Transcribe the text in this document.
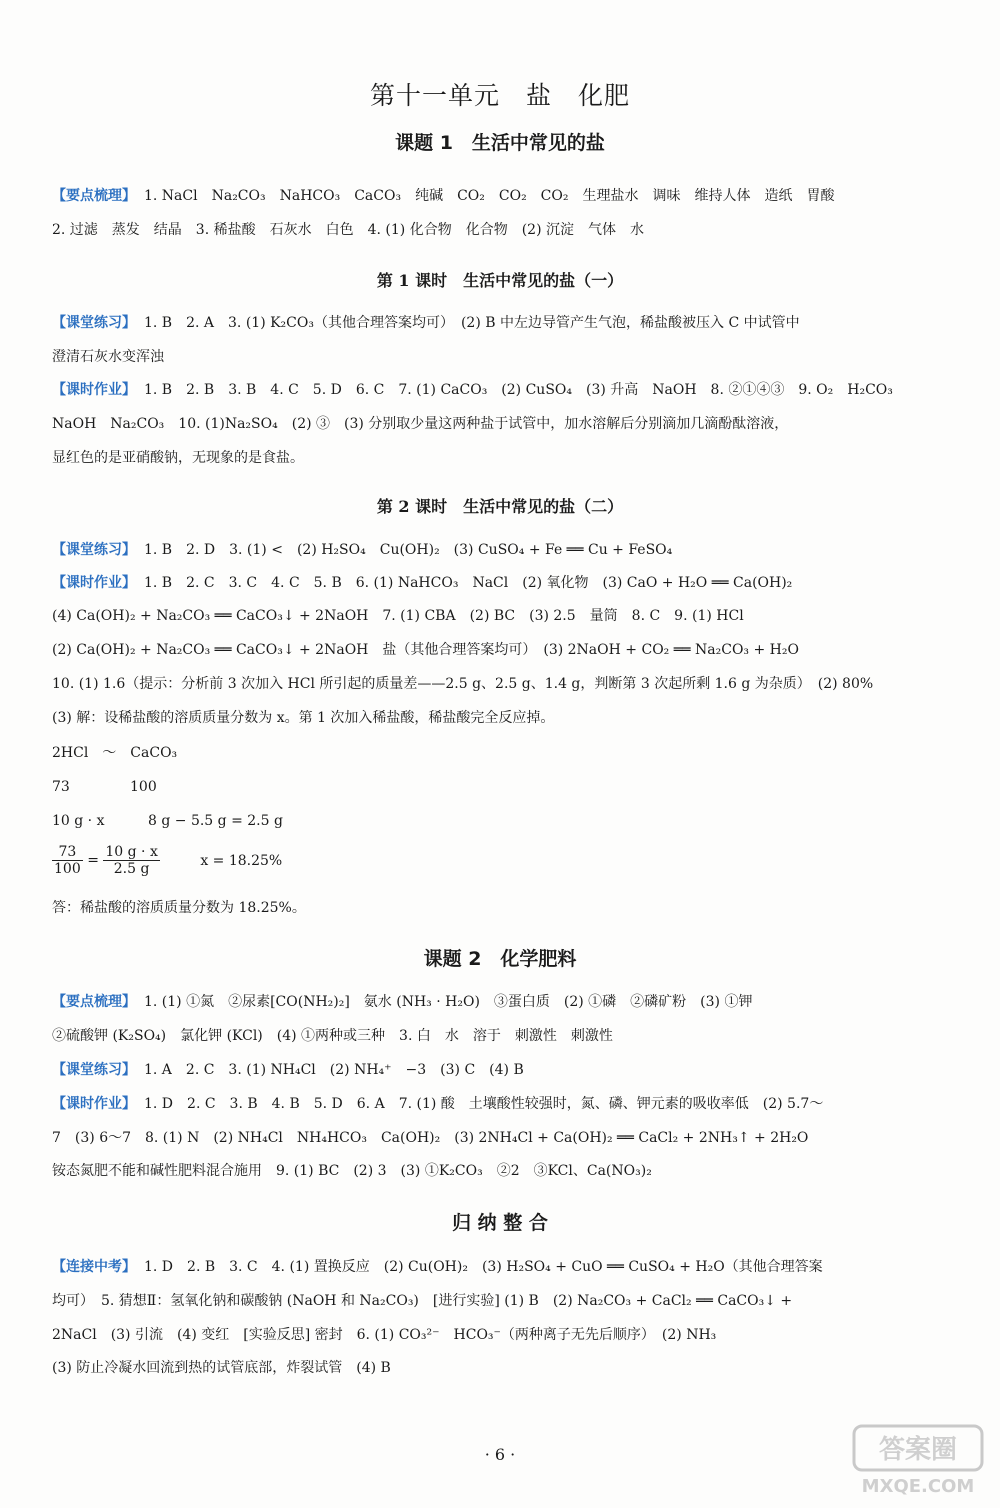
第十一单元　盐　化肥
课题 1　生活中常见的盐
【要点梳理】 1. NaCl　Na₂CO₃　NaHCO₃　CaCO₃　纯碱　CO₂　CO₂　CO₂　生理盐水　调味　维持人体　造纸　胃酸
2. 过滤　蒸发　结晶　3. 稀盐酸　石灰水　白色　4. (1) 化合物　化合物　(2) 沉淀　气体　水
第 1 课时　生活中常见的盐（一）
【课堂练习】 1. B　2. A　3. (1) K₂CO₃（其他合理答案均可）　(2) B 中左边导管产生气泡，稀盐酸被压入 C 中试管中
澄清石灰水变浑浊
【课时作业】 1. B　2. B　3. B　4. C　5. D　6. C　7. (1) CaCO₃　(2) CuSO₄　(3) 升高　NaOH　8. ②①④③　9. O₂　H₂CO₃
NaOH　Na₂CO₃　10. (1)Na₂SO₄　(2) ③　(3) 分别取少量这两种盐于试管中，加水溶解后分别滴加几滴酚酞溶液，
显红色的是亚硝酸钠，无现象的是食盐。
第 2 课时　生活中常见的盐（二）
【课堂练习】 1. B　2. D　3. (1) <　(2) H₂SO₄　Cu(OH)₂　(3) CuSO₄ + Fe ══ Cu + FeSO₄
【课时作业】 1. B　2. C　3. C　4. C　5. B　6. (1) NaHCO₃　NaCl　(2) 氧化物　(3) CaO + H₂O ══ Ca(OH)₂
(4) Ca(OH)₂ + Na₂CO₃ ══ CaCO₃↓ + 2NaOH　7. (1) CBA　(2) BC　(3) 2.5　量筒　8. C　9. (1) HCl
(2) Ca(OH)₂ + Na₂CO₃ ══ CaCO₃↓ + 2NaOH　盐（其他合理答案均可）　(3) 2NaOH + CO₂ ══ Na₂CO₃ + H₂O
10. (1) 1.6（提示：分析前 3 次加入 HCl 所引起的质量差——2.5 g、2.5 g、1.4 g，判断第 3 次起所剩 1.6 g 为杂质）　(2) 80%
(3) 解：设稀盐酸的溶质质量分数为 x。第 1 次加入稀盐酸，稀盐酸完全反应掉。
2HCl　～　CaCO₃
73	100
10 g · x	8 g − 5.5 g = 2.5 g
$\frac{73}{100} = \frac{10 g \cdot x}{2.5 g}$	x = 18.25%
答：稀盐酸的溶质质量分数为 18.25%。
课题 2　化学肥料
【要点梳理】 1. (1) ①氮　②尿素[CO(NH₂)₂]　氨水 (NH₃ · H₂O)　③蛋白质　(2) ①磷　②磷矿粉　(3) ①钾
②硫酸钾 (K₂SO₄)　氯化钾 (KCl)　(4) ①两种或三种　3. 白　水　溶于　刺激性　刺激性
【课堂练习】 1. A　2. C　3. (1) NH₄Cl　(2) NH₄⁺　−3　(3) C　(4) B
【课时作业】 1. D　2. C　3. B　4. B　5. D　6. A　7. (1) 酸　土壤酸性较强时，氮、磷、钾元素的吸收率低　(2) 5.7～
7　(3) 6～7　8. (1) N　(2) NH₄Cl　NH₄HCO₃　Ca(OH)₂　(3) 2NH₄Cl + Ca(OH)₂ ══ CaCl₂ + 2NH₃↑ + 2H₂O
铵态氮肥不能和碱性肥料混合施用　9. (1) BC　(2) 3　(3) ①K₂CO₃　②2　③KCl、Ca(NO₃)₂
归 纳 整 合
【连接中考】 1. D　2. B　3. C　4. (1) 置换反应　(2) Cu(OH)₂　(3) H₂SO₄ + CuO ══ CuSO₄ + H₂O（其他合理答案
均可）　5. 猜想Ⅱ：氢氧化钠和碳酸钠 (NaOH 和 Na₂CO₃)　[进行实验] (1) B　(2) Na₂CO₃ + CaCl₂ ══ CaCO₃↓ +
2NaCl　(3) 引流　(4) 变红　[实验反思] 密封　6. (1) CO₃²⁻　HCO₃⁻（两种离子无先后顺序）　(2) NH₃
(3) 防止冷凝水回流到热的试管底部，炸裂试管　(4) B
· 6 ·	答案圈
MXQE.COM
